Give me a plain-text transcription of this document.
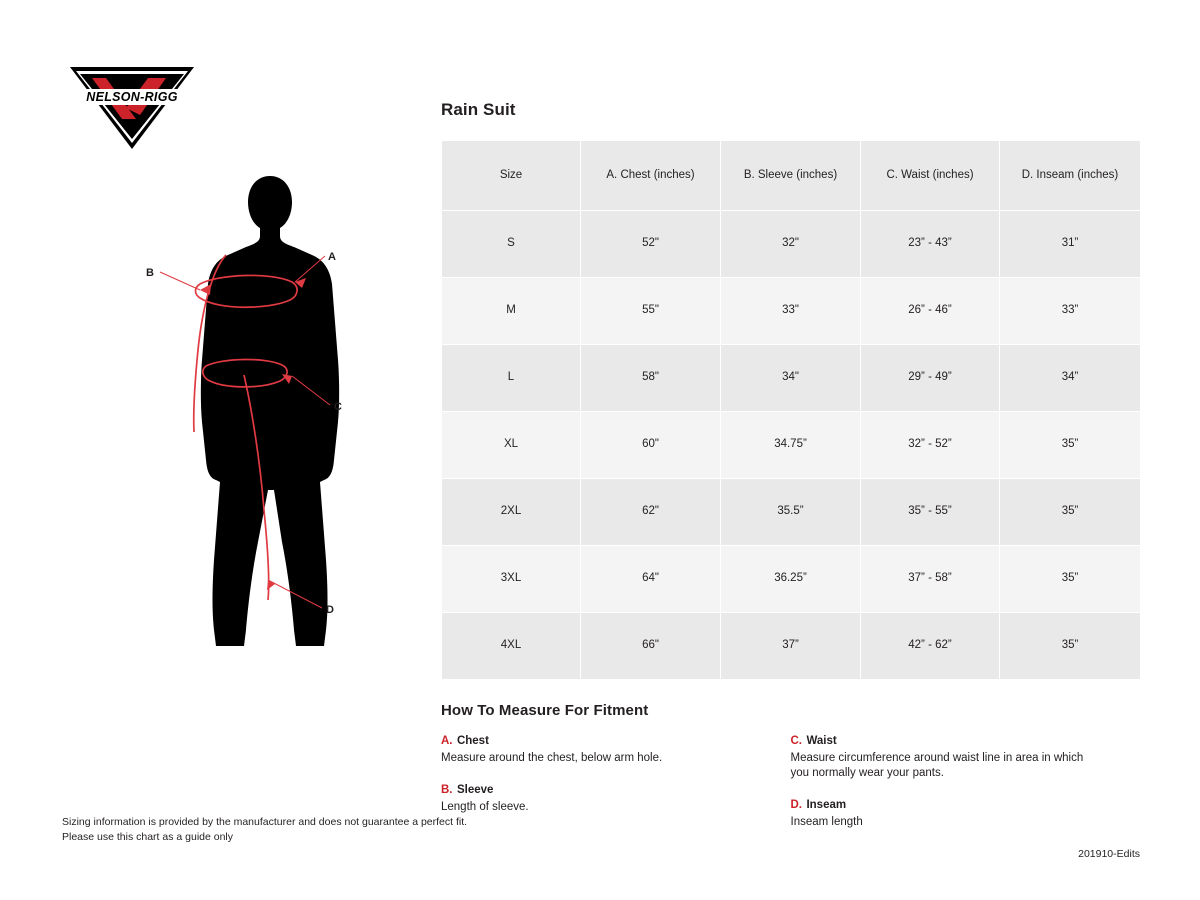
NELSON-RIGG
A
B
C
D
Rain Suit
Size	A. Chest (inches)	B. Sleeve (inches)	C. Waist (inches)	D. Inseam (inches)
S	52"	32"	23” - 43”	31”
M	55"	33"	26” - 46”	33”
L	58"	34"	29” - 49”	34”
XL	60"	34.75”	32” - 52”	35”
2XL	62"	35.5”	35” - 55”	35”
3XL	64"	36.25”	37” - 58”	35”
4XL	66"	37”	42” - 62”	35”
How To Measure For Fitment
A. Chest
Measure around the chest, below arm hole.
B. Sleeve
Length of sleeve.
C. Waist
Measure circumference around waist line in area in which you normally wear your pants.
D. Inseam
Inseam length
Sizing information is provided by the manufacturer and does not guarantee a perfect fit.
Please use this chart as a guide only
201910-Edits
